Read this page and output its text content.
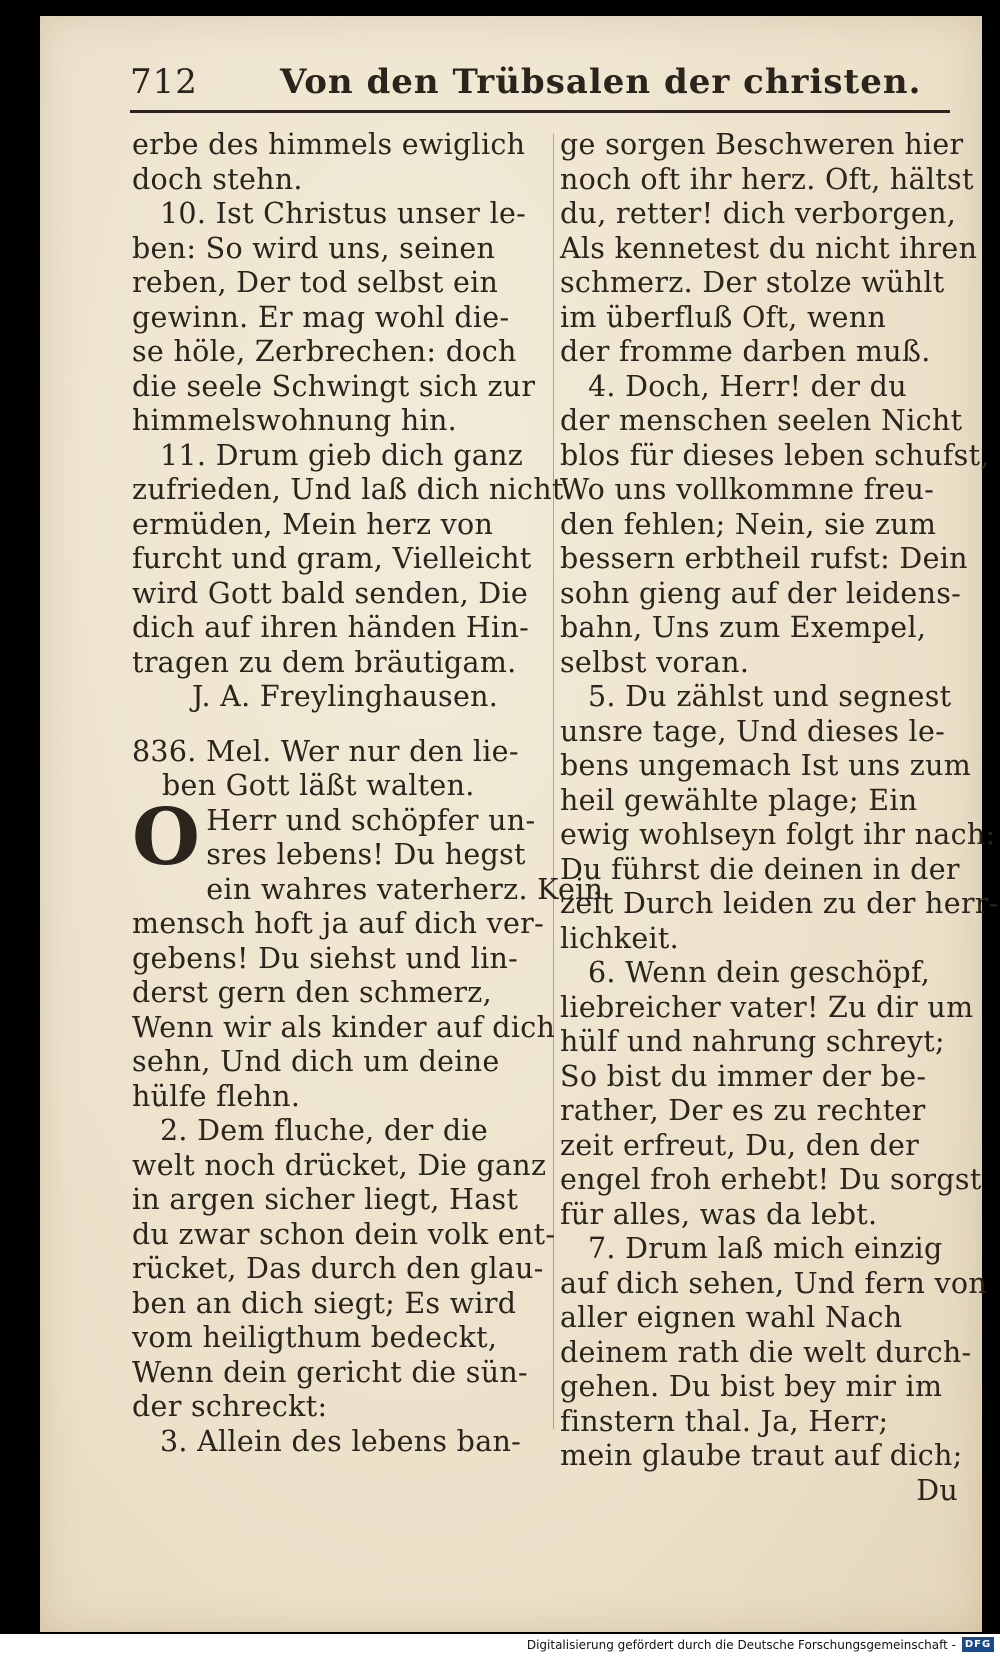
712 Von den Trübsalen der christen.
erbe des himmels ewiglich
doch stehn.
10. Ist Christus unser le-
ben: So wird uns, seinen
reben, Der tod selbst ein
gewinn. Er mag wohl die-
se höle, Zerbrechen: doch
die seele Schwingt sich zur
himmelswohnung hin.
11. Drum gieb dich ganz
zufrieden, Und laß dich nicht
ermüden, Mein herz von
furcht und gram, Vielleicht
wird Gott bald senden, Die
dich auf ihren händen Hin-
tragen zu dem bräutigam.
J. A. Freylinghausen.
836. Mel. Wer nur den lie-
ben Gott läßt walten.
O Herr und schöpfer un-
sres lebens! Du hegst
ein wahres vaterherz. Kein
mensch hoft ja auf dich ver-
gebens! Du siehst und lin-
derst gern den schmerz,
Wenn wir als kinder auf dich
sehn, Und dich um deine
hülfe flehn.
2. Dem fluche, der die
welt noch drücket, Die ganz
in argen sicher liegt, Hast
du zwar schon dein volk ent-
rücket, Das durch den glau-
ben an dich siegt; Es wird
vom heiligthum bedeckt,
Wenn dein gericht die sün-
der schreckt:
3. Allein des lebens ban-
ge sorgen Beschweren hier
noch oft ihr herz. Oft, hältst
du, retter! dich verborgen,
Als kennetest du nicht ihren
schmerz. Der stolze wühlt
im überfluß Oft, wenn
der fromme darben muß.
4. Doch, Herr! der du
der menschen seelen Nicht
blos für dieses leben schufst,
Wo uns vollkommne freu-
den fehlen; Nein, sie zum
bessern erbtheil rufst: Dein
sohn gieng auf der leidens-
bahn, Uns zum Exempel,
selbst voran.
5. Du zählst und segnest
unsre tage, Und dieses le-
bens ungemach Ist uns zum
heil gewählte plage; Ein
ewig wohlseyn folgt ihr nach:
Du führst die deinen in der
zeit Durch leiden zu der herr-
lichkeit.
6. Wenn dein geschöpf,
liebreicher vater! Zu dir um
hülf und nahrung schreyt;
So bist du immer der be-
rather, Der es zu rechter
zeit erfreut, Du, den der
engel froh erhebt! Du sorgst
für alles, was da lebt.
7. Drum laß mich einzig
auf dich sehen, Und fern von
aller eignen wahl Nach
deinem rath die welt durch-
gehen. Du bist bey mir im
finstern thal. Ja, Herr;
mein glaube traut auf dich;
Du
Digitalisierung gefördert durch die Deutsche Forschungsgemeinschaft - DFG
